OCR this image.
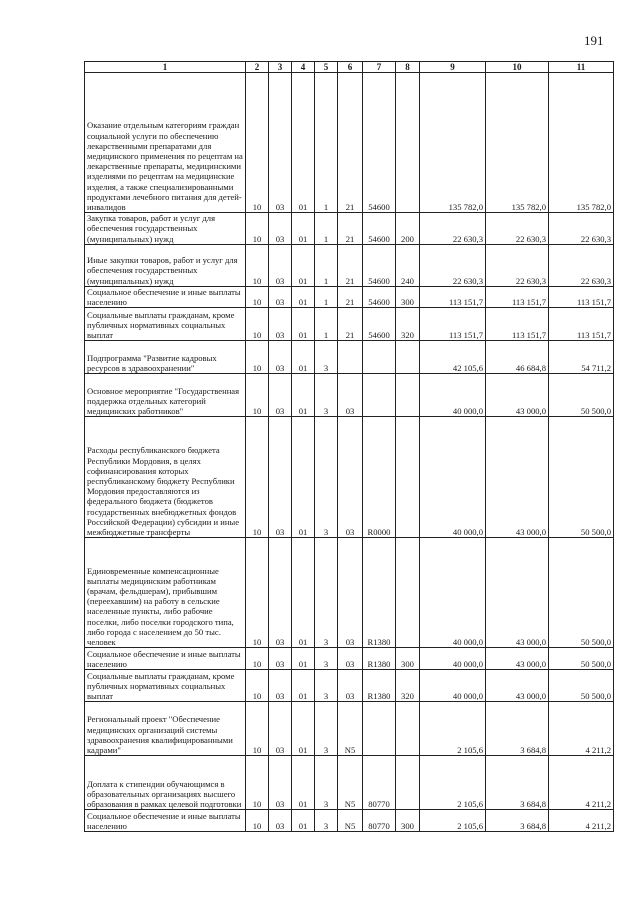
191
1	2	3	4	5	6	7	8	9	10	11
Оказание отдельным категориям граждан социальной услуги по обеспечению лекарственными препаратами для медицинского применения по рецептам на лекарственные препараты, медицинскими изделиями по рецептам на медицинские изделия, а также специализированными продуктами лечебного питания для детей-инвалидов	10	03	01	1	21	54600		135 782,0	135 782,0	135 782,0
Закупка товаров, работ и услуг для обеспечения государственных (муниципальных) нужд	10	03	01	1	21	54600	200	22 630,3	22 630,3	22 630,3
Иные закупки товаров, работ и услуг для обеспечения государственных (муниципальных) нужд	10	03	01	1	21	54600	240	22 630,3	22 630,3	22 630,3
Социальное обеспечение и иные выплаты населению	10	03	01	1	21	54600	300	113 151,7	113 151,7	113 151,7
Социальные выплаты гражданам, кроме публичных нормативных социальных выплат	10	03	01	1	21	54600	320	113 151,7	113 151,7	113 151,7
Подпрограмма "Развитие кадровых ресурсов в здравоохранении"	10	03	01	3				42 105,6	46 684,8	54 711,2
Основное мероприятие "Государственная поддержка отдельных категорий медицинских работников"	10	03	01	3	03			40 000,0	43 000,0	50 500,0
Расходы республиканского бюджета Республики Мордовия, в целях софинансирования которых республиканскому бюджету Республики Мордовия предоставляются из федерального бюджета (бюджетов государственных внебюджетных фондов Российской Федерации) субсидии и иные межбюджетные трансферты	10	03	01	3	03	R0000		40 000,0	43 000,0	50 500,0
Единовременные компенсационные выплаты медицинским работникам (врачам, фельдшерам), прибывшим (переехавшим) на работу в сельские населенные пункты, либо рабочие поселки, либо поселки городского типа, либо города с населением до 50 тыс. человек	10	03	01	3	03	R1380		40 000,0	43 000,0	50 500,0
Социальное обеспечение и иные выплаты населению	10	03	01	3	03	R1380	300	40 000,0	43 000,0	50 500,0
Социальные выплаты гражданам, кроме публичных нормативных социальных выплат	10	03	01	3	03	R1380	320	40 000,0	43 000,0	50 500,0
Региональный проект "Обеспечение медицинских организаций системы здравоохранения квалифицированными кадрами"	10	03	01	3	N5			2 105,6	3 684,8	4 211,2
Доплата к стипендии обучающимся в образовательных организациях высшего образования в рамках целевой подготовки	10	03	01	3	N5	80770		2 105,6	3 684,8	4 211,2
Социальное обеспечение и иные выплаты населению	10	03	01	3	N5	80770	300	2 105,6	3 684,8	4 211,2
